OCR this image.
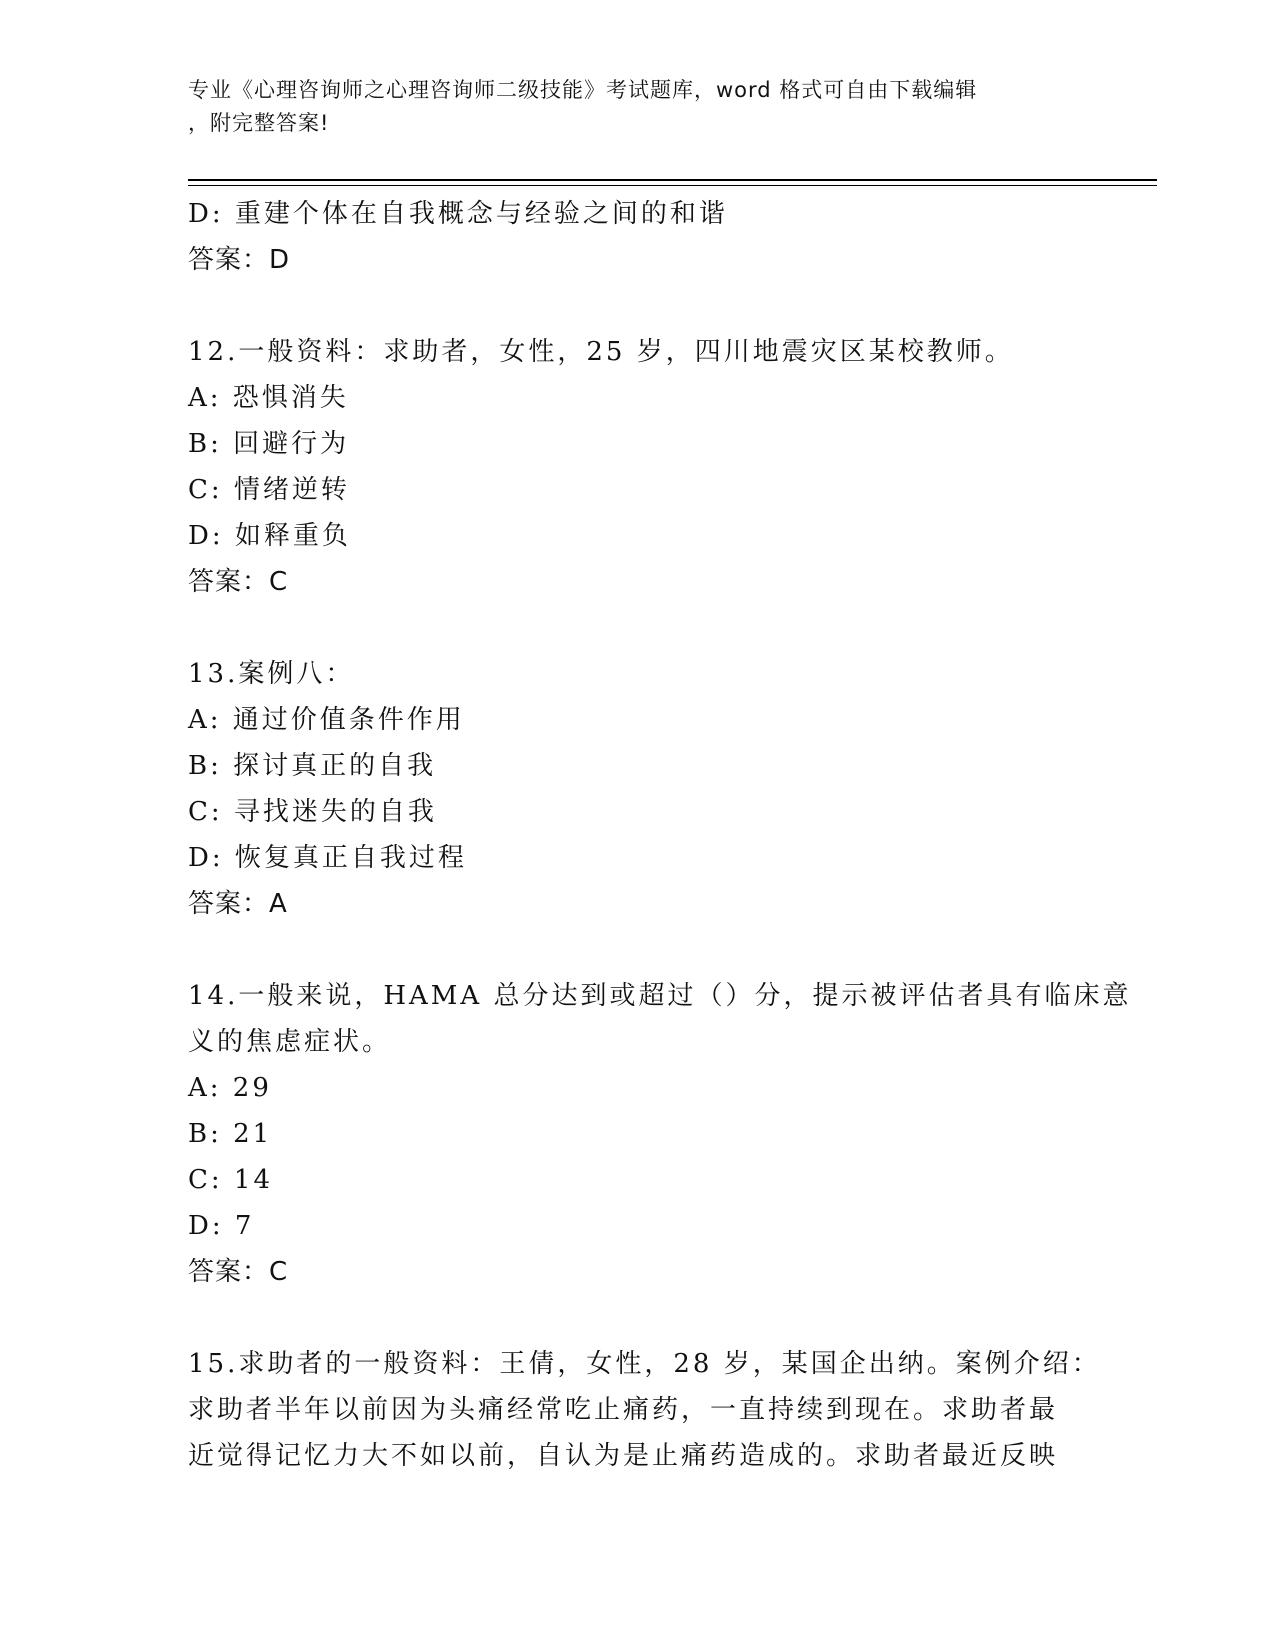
专业《心理咨询师之心理咨询师二级技能》考试题库，word 格式可自由下载编辑
，附完整答案!
D: 重建个体在自我概念与经验之间的和谐
答案：D
12.一般资料：求助者，女性，25 岁，四川地震灾区某校教师。
A: 恐惧消失
B: 回避行为
C: 情绪逆转
D: 如释重负
答案：C
13.案例八：
A: 通过价值条件作用
B: 探讨真正的自我
C: 寻找迷失的自我
D: 恢复真正自我过程
答案：A
14.一般来说，HAMA 总分达到或超过（）分，提示被评估者具有临床意
义的焦虑症状。
A: 29
B: 21
C: 14
D: 7
答案：C
15.求助者的一般资料：王倩，女性，28 岁，某国企出纳。案例介绍：
求助者半年以前因为头痛经常吃止痛药，一直持续到现在。求助者最
近觉得记忆力大不如以前，自认为是止痛药造成的。求助者最近反映
